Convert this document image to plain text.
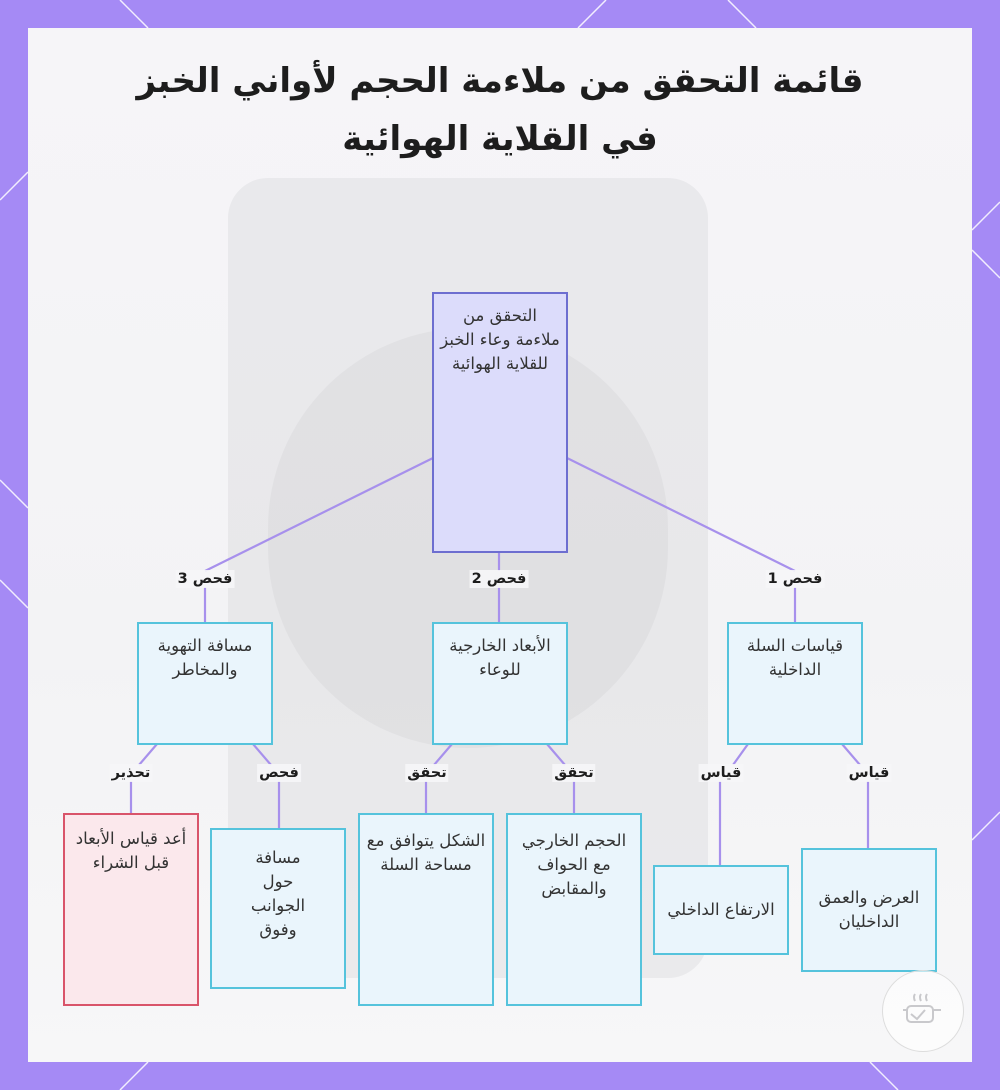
قائمة التحقق من ملاءمة الحجم لأواني الخبز في القلاية الهوائية
التحقق من ملاءمة وعاء الخبز للقلاية الهوائية
فحص 1
فحص 2
فحص 3
قياسات السلة الداخلية
الأبعاد الخارجية للوعاء
مسافة التهوية والمخاطر
قياس
قياس
تحقق
تحقق
فحص
تحذير
العرض والعمق الداخليان
الارتفاع الداخلي
الحجم الخارجي مع الحواف والمقابض
الشكل يتوافق مع مساحة السلة
مسافة حول الجوانب وفوق
أعد قياس الأبعاد قبل الشراء
